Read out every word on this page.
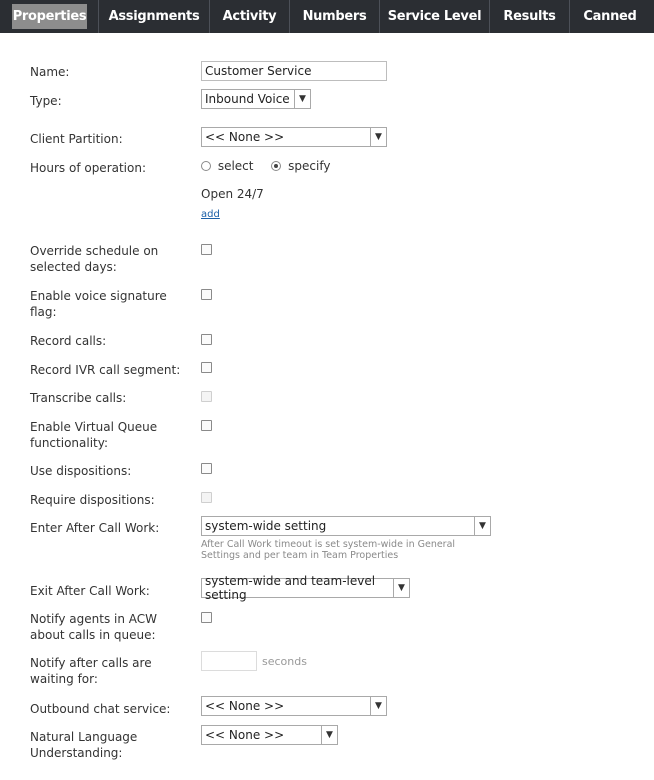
Properties	Assignments	Activity	Numbers	Service Level	Results	Canned
Name:
Customer Service
Type:	Inbound Voice	▼
Client Partition:	<< None >>	▼
Hours of operation:	select	specify
Open 24/7
add
Override schedule on selected days:
Enable voice signature flag:
Record calls:
Record IVR call segment:
Transcribe calls:
Enable Virtual Queue functionality:
Use dispositions:
Require dispositions:
Enter After Call Work:	system-wide setting	▼
After Call Work timeout is set system-wide in General Settings and per team in Team Properties
Exit After Call Work:
system-wide and team-level setting	▼
Notify agents in ACW about calls in queue:
Notify after calls are waiting for:
seconds
Outbound chat service:	<< None >>	▼
Natural Language Understanding:
<< None >>	▼
